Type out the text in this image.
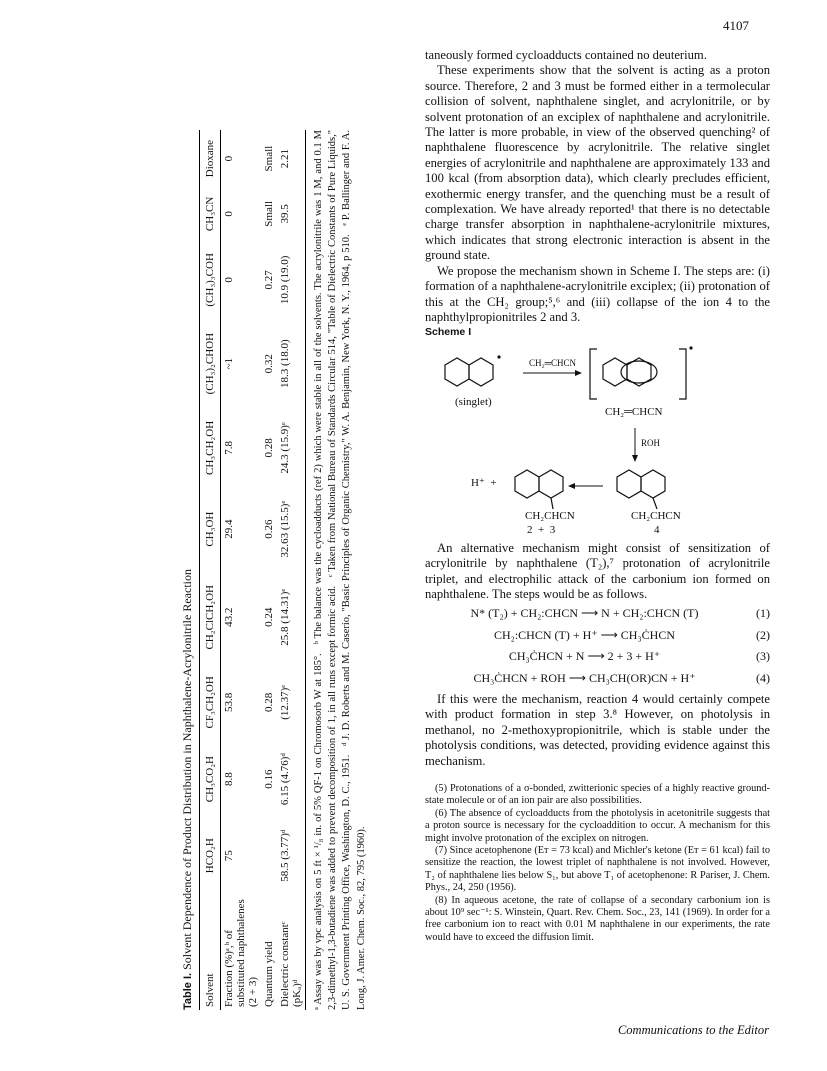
4107
Table I. Solvent Dependence of Product Distribution in Naphthalene-Acrylonitrile Reaction
Solvent	HCO₂H	CH₃CO₂H	CF₃CH₂OH	CH₂ClCH₂OH	CH₃OH	CH₃CH₂OH	(CH₃)₂CHOH	(CH₃)₃COH	CH₃CN	Dioxane
Fraction (%)ᵃ,ᵇ of substituted naphthalenes (2 + 3)	75	8.8	53.8	43.2	29.4	7.8	~1	0	0	0
Quantum yield		0.16	0.28	0.24	0.26	0.28	0.32	0.27	Small	Small
Dielectric constantᶜ (pKₐ)ᵈ	58.5 (3.77)ᵈ	6.15 (4.76)ᵈ	(12.37)ᵉ	25.8 (14.31)ᵉ	32.63 (15.5)ᵉ	24.3 (15.9)ᵉ	18.3 (18.0)	10.9 (19.0)	39.5	2.21
ᵃ Assay was by vpc analysis on 5 ft × ¹/₈ in. of 5% QF-1 on Chromosorb W at 185°. ᵇ The balance was the cycloadducts (ref 2) which were stable in all of the solvents. The acrylonitrile was 1 M, and 0.1 M 2,3-dimethyl-1,3-butadiene was added to prevent decomposition of 1, in all runs except formic acid. ᶜ Taken from National Bureau of Standards Circular 514, "Table of Dielectric Constants of Pure Liquids," U. S. Government Printing Office, Washington, D. C., 1951. ᵈ J. D. Roberts and M. Caserio, "Basic Principles of Organic Chemistry," W. A. Benjamin, New York, N. Y., 1964, p 510. ᵉ P. Ballinger and F. A. Long, J. Amer. Chem. Soc., 82, 795 (1960).

taneously formed cycloadducts contained no deuterium.

These experiments show that the solvent is acting as a proton source. Therefore, 2 and 3 must be formed either in a termolecular collision of solvent, naphthalene singlet, and acrylonitrile, or by solvent protonation of an exciplex of naphthalene and acrylonitrile. The latter is more probable, in view of the observed quenching² of naphthalene fluorescence by acrylonitrile. The relative singlet energies of acrylonitrile and naphthalene are approximately 133 and 100 kcal (from absorption data), which clearly precludes efficient, exothermic energy transfer, and the quenching must be a result of complexation. We have already reported¹ that there is no detectable charge transfer absorption in naphthalene-acrylonitrile mixtures, which indicates that strong electronic interaction is absent in the ground state.

We propose the mechanism shown in Scheme I. The steps are: (i) formation of a naphthalene-acrylonitrile exciplex; (ii) protonation of this at the CH₂ group;⁵,⁶ and (iii) collapse of the ion 4 to the naphthylpropionitriles 2 and 3.

Scheme I

(singlet)
CH₂═CHCN
CH₂═CHCN
ROH
H⁺  +
CH₂CHCN	CH₂CHCN
2  +  3	4

An alternative mechanism might consist of sensitization of acrylonitrile by naphthalene (T₂),⁷ protonation of acrylonitrile triplet, and electrophilic attack of the carbonium ion formed on naphthalene. The steps would be as follows.

N* (T₂) + CH₂:CHCN ⟶ N + CH₂:CHCN (T)	(1)
CH₂:CHCN (T) + H⁺ ⟶ CH₃ĊHCN	(2)
CH₃ĊHCN + N ⟶ 2 + 3 + H⁺	(3)
CH₃ĊHCN + ROH ⟶ CH₃CH(OR)CN + H⁺	(4)

If this were the mechanism, reaction 4 would certainly compete with product formation in step 3.⁸ However, on photolysis in methanol, no 2-methoxypropionitrile, which is stable under the photolysis conditions, was detected, providing evidence against this mechanism.

(5) Protonations of a σ-bonded, zwitterionic species of a highly reactive ground-state molecule or of an ion pair are also possibilities.

(6) The absence of cycloadducts from the photolysis in acetonitrile suggests that a proton source is necessary for the cycloaddition to occur. A mechanism for this might involve protonation of the exciplex on nitrogen.

(7) Since acetophenone (Eᴛ = 73 kcal) and Michler's ketone (Eᴛ = 61 kcal) fail to sensitize the reaction, the lowest triplet of naphthalene is not involved. However, T₂ of naphthalene lies below S₁, but above T₁ of acetophenone: R Pariser, J. Chem. Phys., 24, 250 (1956).

(8) In aqueous acetone, the rate of collapse of a secondary carbonium ion is about 10⁹ sec⁻¹: S. Winstein, Quart. Rev. Chem. Soc., 23, 141 (1969). In order for a free carbonium ion to react with 0.01 M naphthalene in our experiments, the rate would have to exceed the diffusion limit.

Communications to the Editor
